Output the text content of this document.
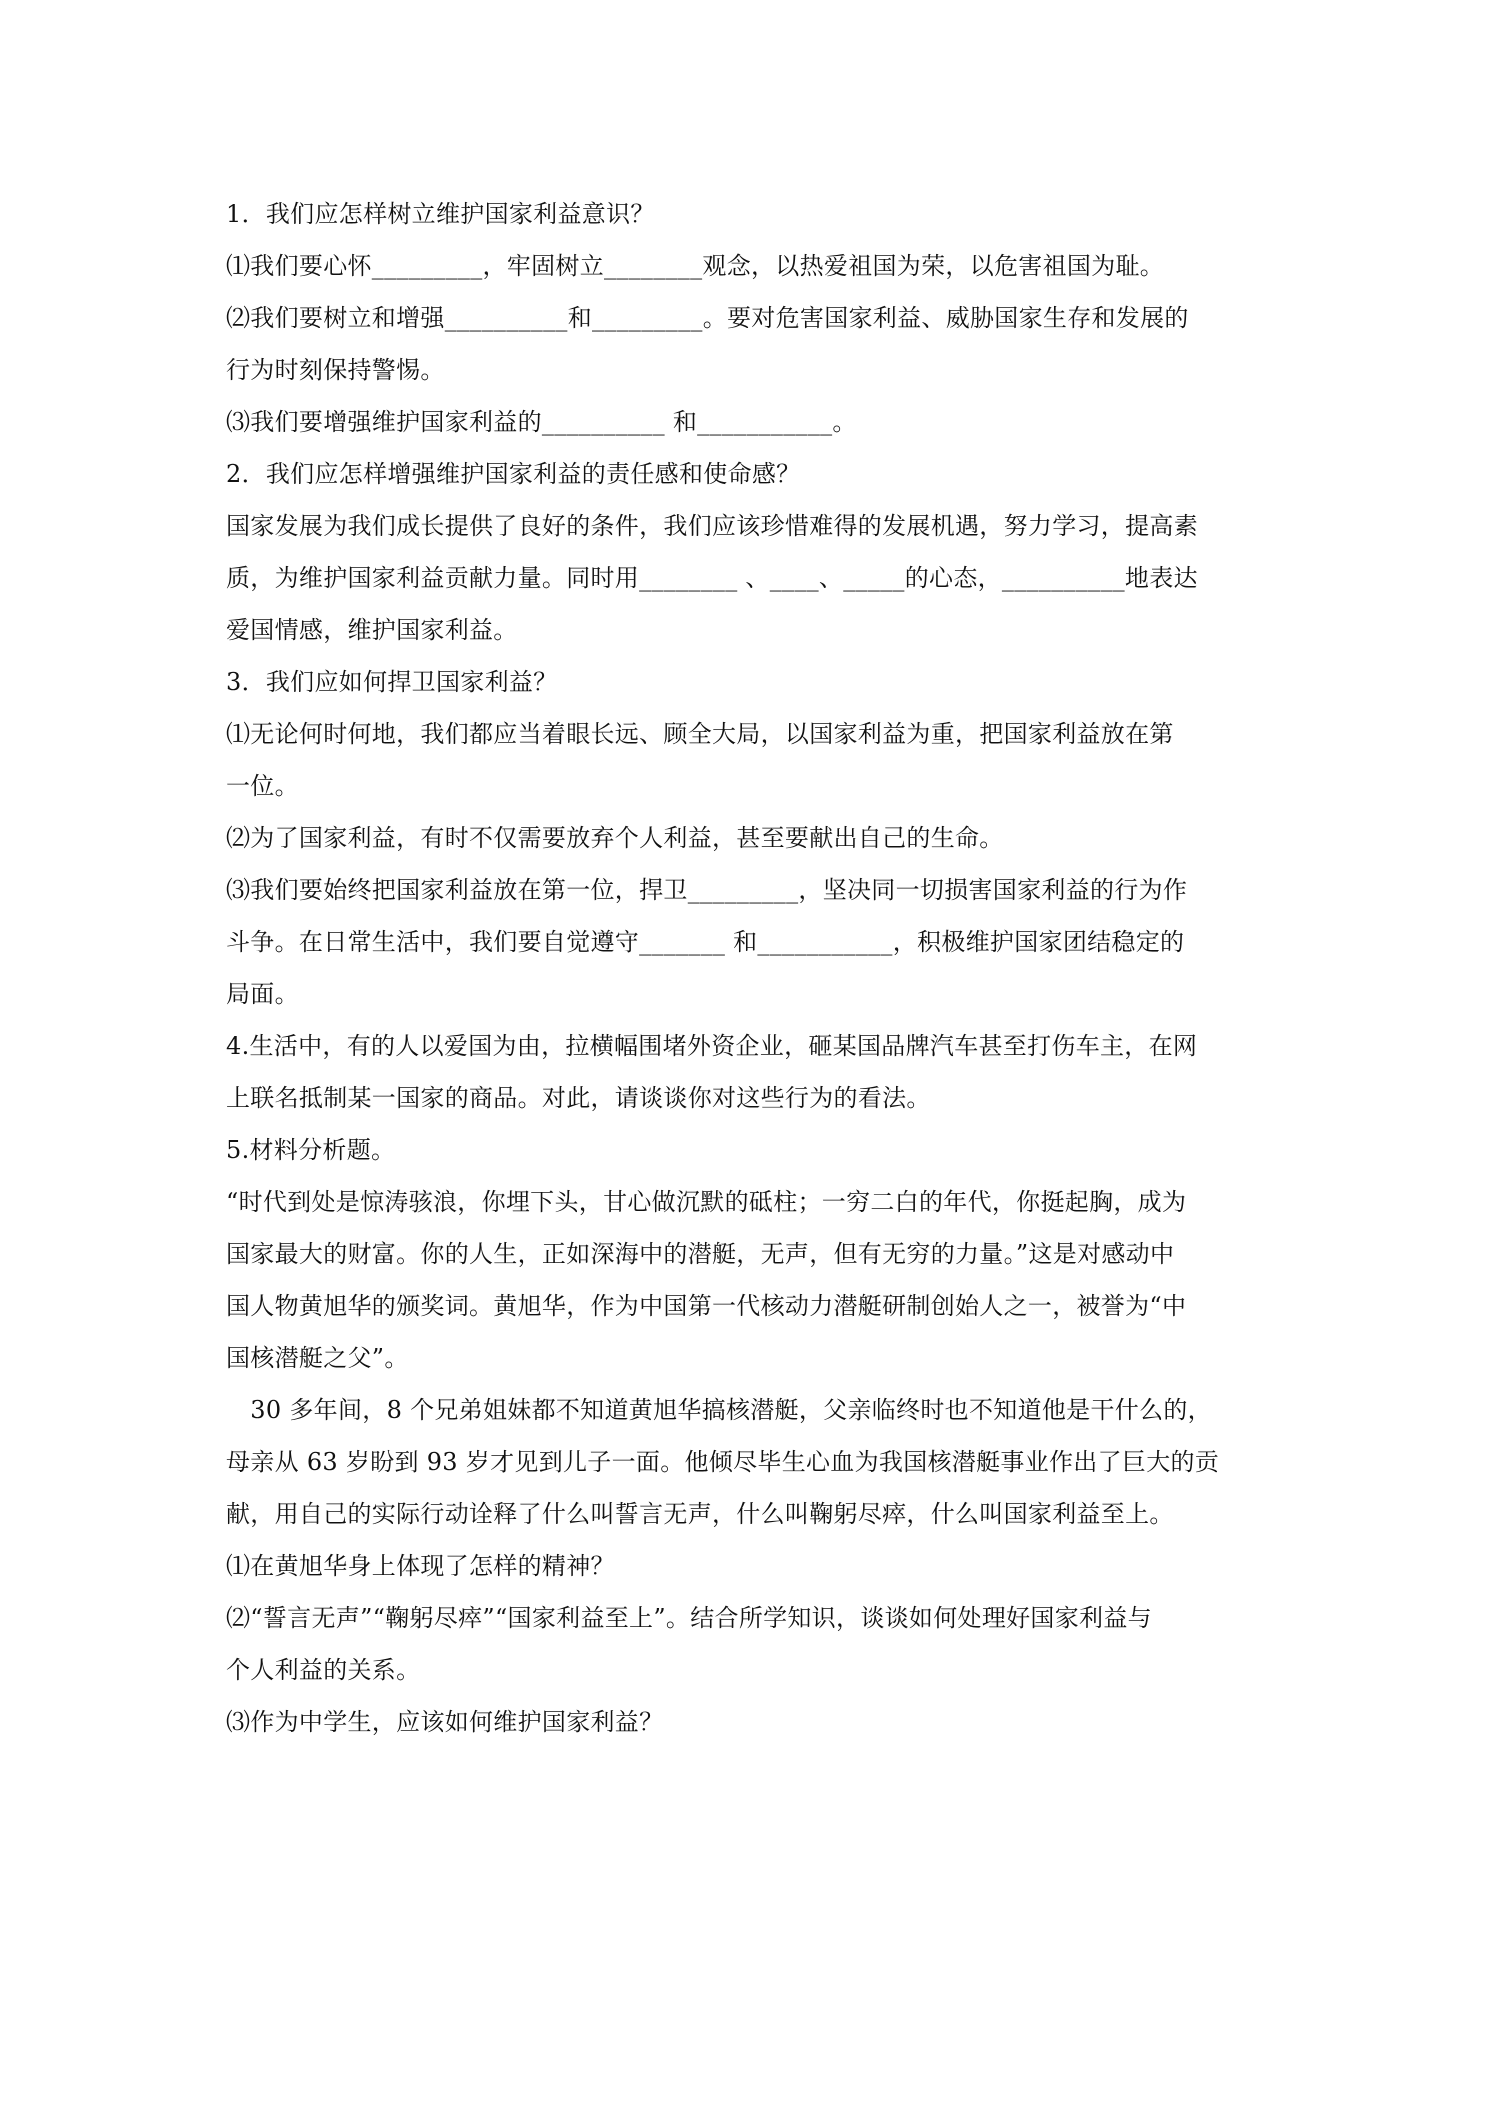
1．我们应怎样树立维护国家利益意识？
⑴我们要心怀_________，牢固树立________观念，以热爱祖国为荣，以危害祖国为耻。
⑵我们要树立和增强__________和_________。要对危害国家利益、威胁国家生存和发展的
行为时刻保持警惕。
⑶我们要增强维护国家利益的__________ 和___________。
2．我们应怎样增强维护国家利益的责任感和使命感？
国家发展为我们成长提供了良好的条件，我们应该珍惜难得的发展机遇，努力学习，提高素
质，为维护国家利益贡献力量。同时用________ 、____、_____的心态，__________地表达
爱国情感，维护国家利益。
3．我们应如何捍卫国家利益？
⑴无论何时何地，我们都应当着眼长远、顾全大局，以国家利益为重，把国家利益放在第
一位。
⑵为了国家利益，有时不仅需要放弃个人利益，甚至要献出自己的生命。
⑶我们要始终把国家利益放在第一位，捍卫_________，坚决同一切损害国家利益的行为作
斗争。在日常生活中，我们要自觉遵守_______ 和___________，积极维护国家团结稳定的
局面。
4.生活中，有的人以爱国为由，拉横幅围堵外资企业，砸某国品牌汽车甚至打伤车主，在网
上联名抵制某一国家的商品。对此，请谈谈你对这些行为的看法。
5.材料分析题。
“时代到处是惊涛骇浪，你埋下头，甘心做沉默的砥柱；一穷二白的年代，你挺起胸，成为
国家最大的财富。你的人生，正如深海中的潜艇，无声，但有无穷的力量。”这是对感动中
国人物黄旭华的颁奖词。黄旭华，作为中国第一代核动力潜艇研制创始人之一，被誉为“中
国核潜艇之父”。
　30 多年间，8 个兄弟姐妹都不知道黄旭华搞核潜艇，父亲临终时也不知道他是干什么的，
母亲从 63 岁盼到 93 岁才见到儿子一面。他倾尽毕生心血为我国核潜艇事业作出了巨大的贡
献，用自己的实际行动诠释了什么叫誓言无声，什么叫鞠躬尽瘁，什么叫国家利益至上。
⑴在黄旭华身上体现了怎样的精神？
⑵“誓言无声”“鞠躬尽瘁”“国家利益至上”。结合所学知识，谈谈如何处理好国家利益与
个人利益的关系。
⑶作为中学生，应该如何维护国家利益？
